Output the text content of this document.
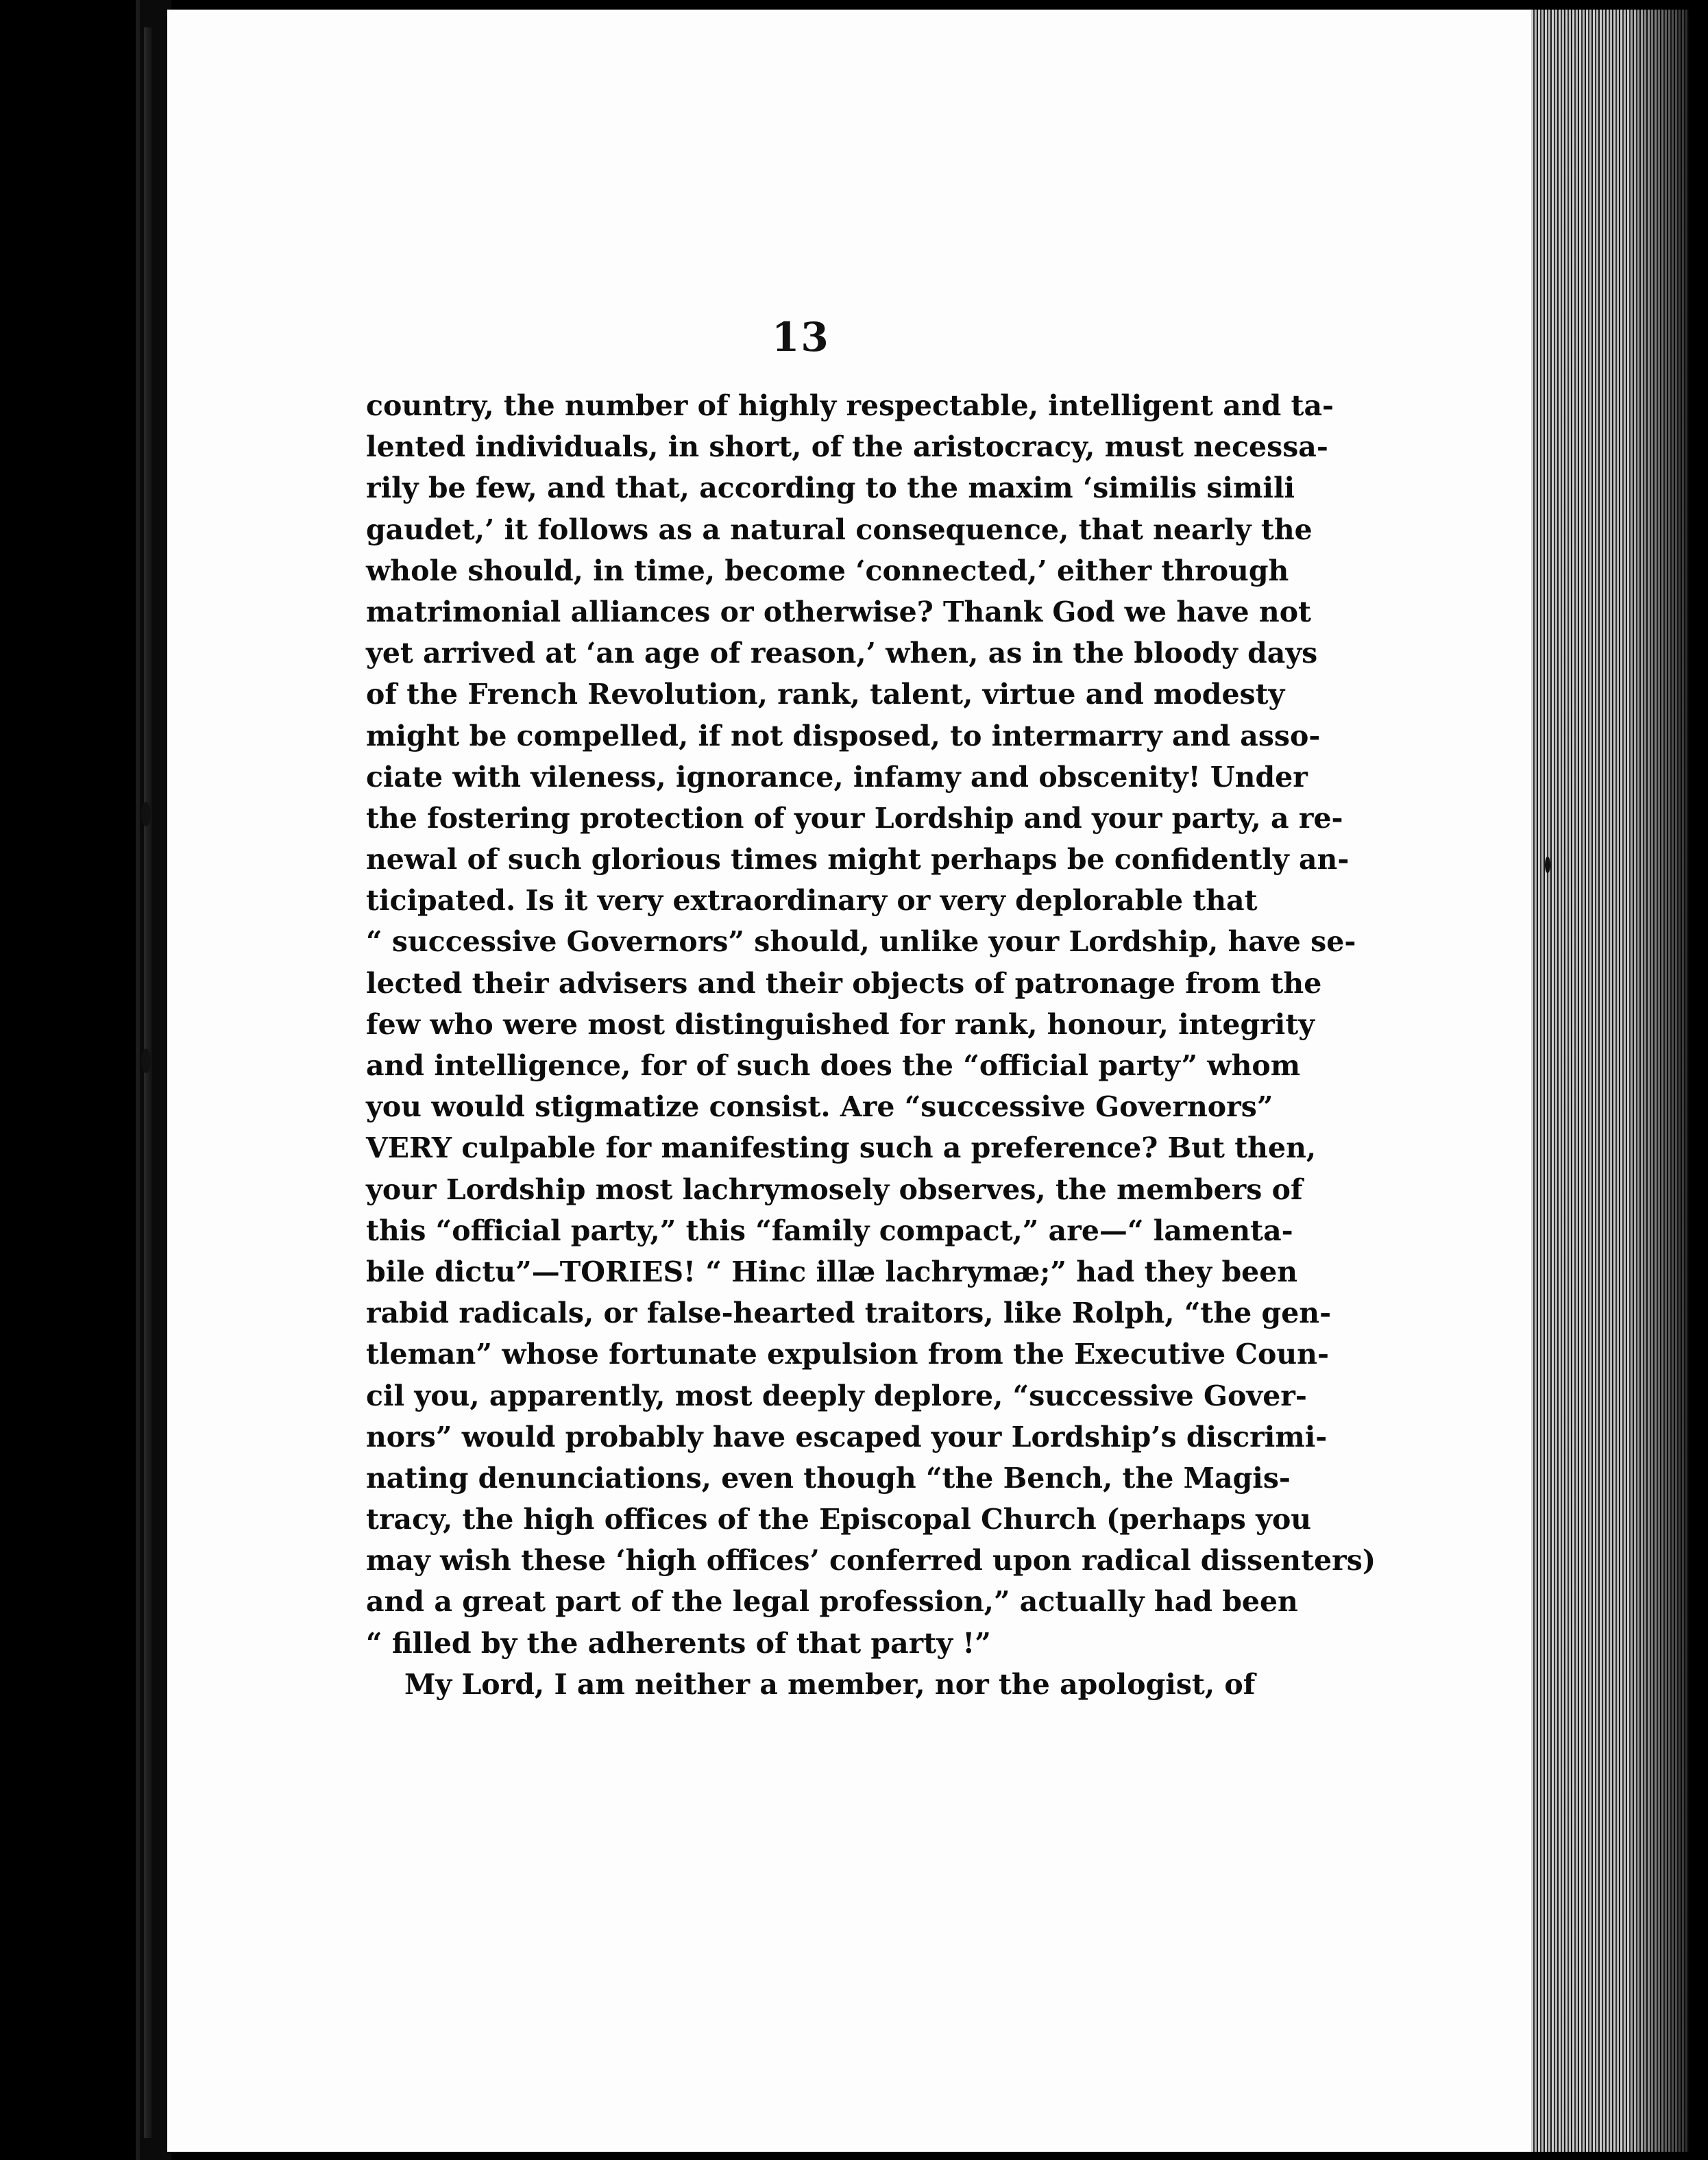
13
country, the number of highly respectable, intelligent and ta-
lented individuals, in short, of the aristocracy, must necessa-
rily be few, and that, according to the maxim ‘similis simili
gaudet,’ it follows as a natural consequence, that nearly the
whole should, in time, become ‘connected,’ either through
matrimonial alliances or otherwise? Thank God we have not
yet arrived at ‘an age of reason,’ when, as in the bloody days
of the French Revolution, rank, talent, virtue and modesty
might be compelled, if not disposed, to intermarry and asso-
ciate with vileness, ignorance, infamy and obscenity! Under
the fostering protection of your Lordship and your party, a re-
newal of such glorious times might perhaps be confidently an-
ticipated. Is it very extraordinary or very deplorable that
“ successive Governors” should, unlike your Lordship, have se-
lected their advisers and their objects of patronage from the
few who were most distinguished for rank, honour, integrity
and intelligence, for of such does the “official party” whom
you would stigmatize consist. Are “successive Governors”
VERY culpable for manifesting such a preference? But then,
your Lordship most lachrymosely observes, the members of
this “official party,” this “family compact,” are—“ lamenta-
bile dictu”—TORIES! “ Hinc illæ lachrymæ;” had they been
rabid radicals, or false-hearted traitors, like Rolph, “the gen-
tleman” whose fortunate expulsion from the Executive Coun-
cil you, apparently, most deeply deplore, “successive Gover-
nors” would probably have escaped your Lordship’s discrimi-
nating denunciations, even though “the Bench, the Magis-
tracy, the high offices of the Episcopal Church (perhaps you
may wish these ‘high offices’ conferred upon radical dissenters)
and a great part of the legal profession,” actually had been
“ filled by the adherents of that party !”
My Lord, I am neither a member, nor the apologist, of
